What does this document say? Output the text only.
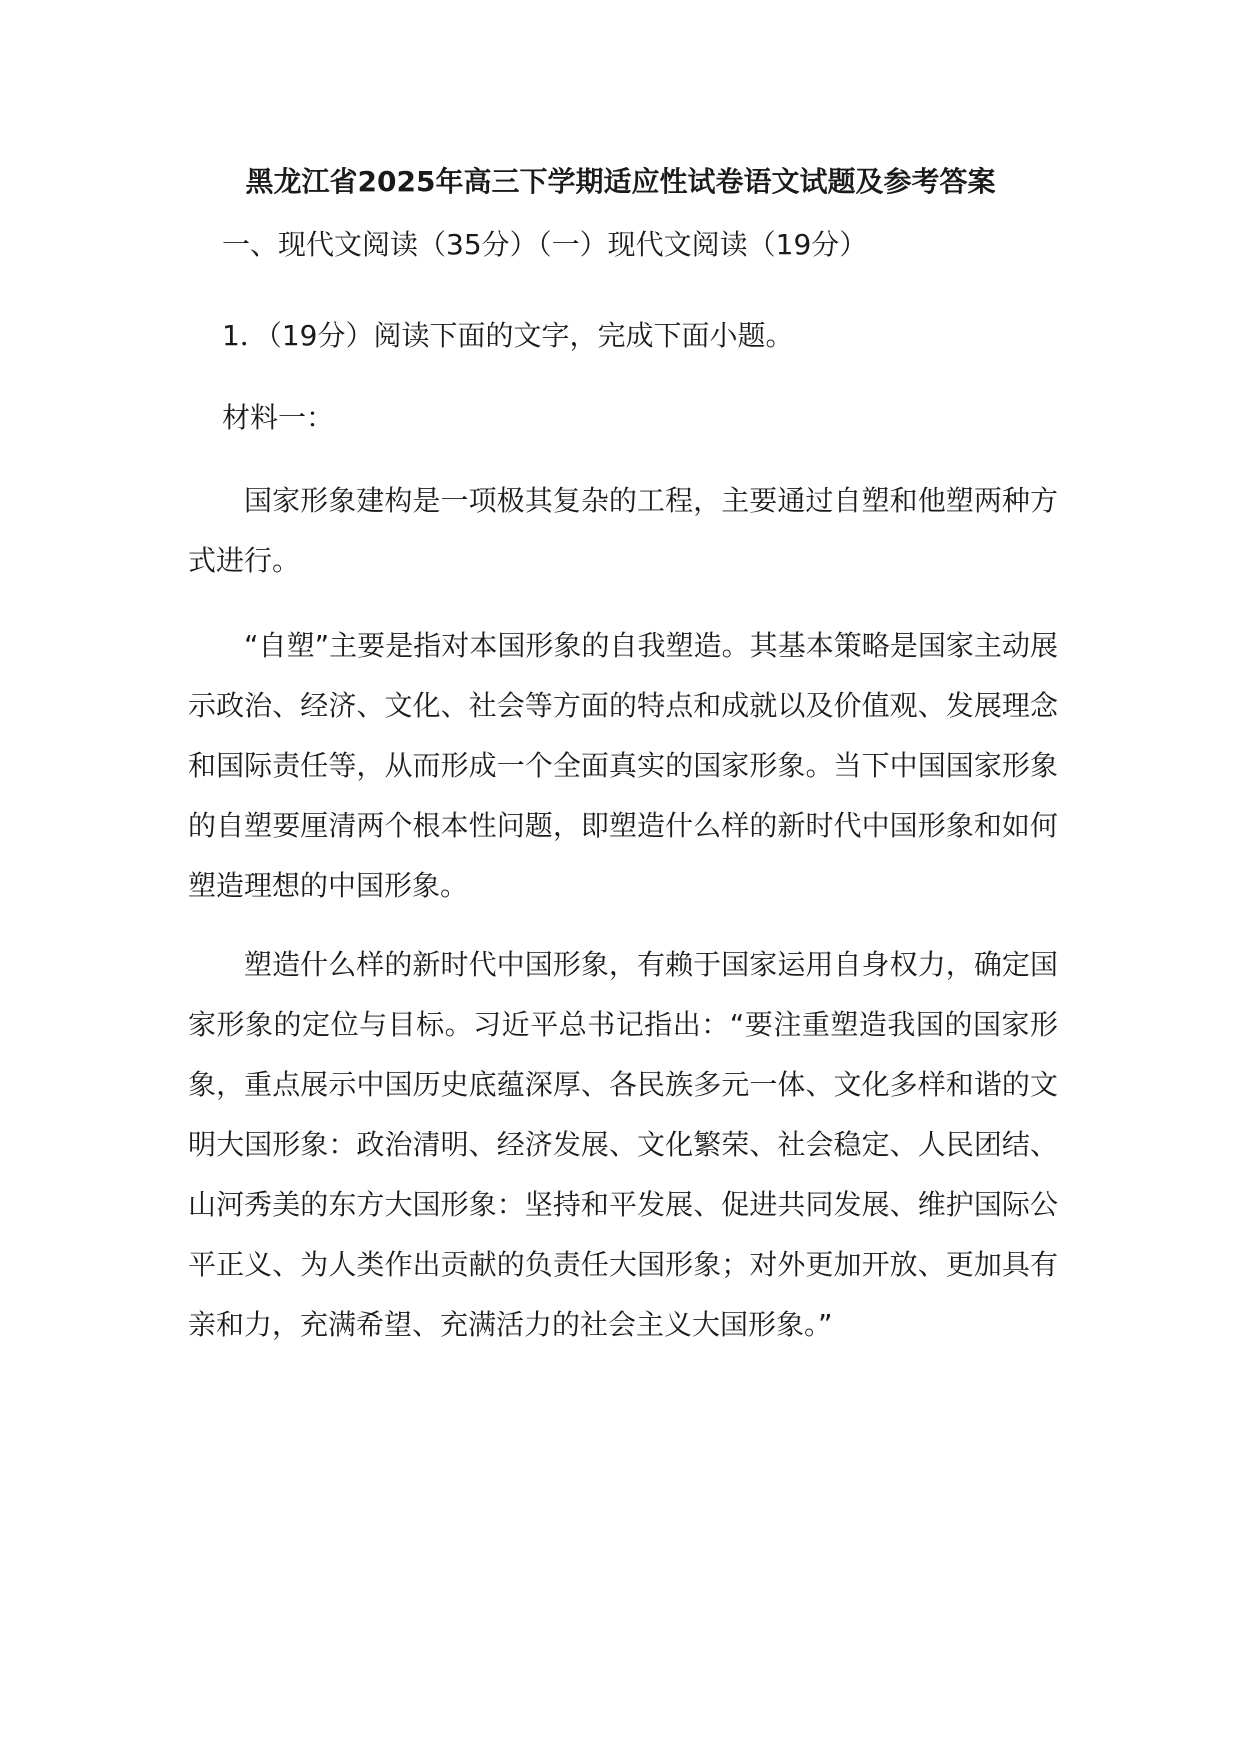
黑龙江省2025年高三下学期适应性试卷语文试题及参考答案

一、现代文阅读（35分）（一）现代文阅读（19分）

1．（19分）阅读下面的文字，完成下面小题。

材料一：

国家形象建构是一项极其复杂的工程，主要通过自塑和他塑两种方式进行。

“自塑”主要是指对本国形象的自我塑造。其基本策略是国家主动展示政治、经济、文化、社会等方面的特点和成就以及价值观、发展理念和国际责任等，从而形成一个全面真实的国家形象。当下中国国家形象的自塑要厘清两个根本性问题，即塑造什么样的新时代中国形象和如何塑造理想的中国形象。

塑造什么样的新时代中国形象，有赖于国家运用自身权力，确定国家形象的定位与目标。习近平总书记指出：“要注重塑造我国的国家形象，重点展示中国历史底蕴深厚、各民族多元一体、文化多样和谐的文明大国形象：政治清明、经济发展、文化繁荣、社会稳定、人民团结、山河秀美的东方大国形象：坚持和平发展、促进共同发展、维护国际公平正义、为人类作出贡献的负责任大国形象；对外更加开放、更加具有亲和力，充满希望、充满活力的社会主义大国形象。”
